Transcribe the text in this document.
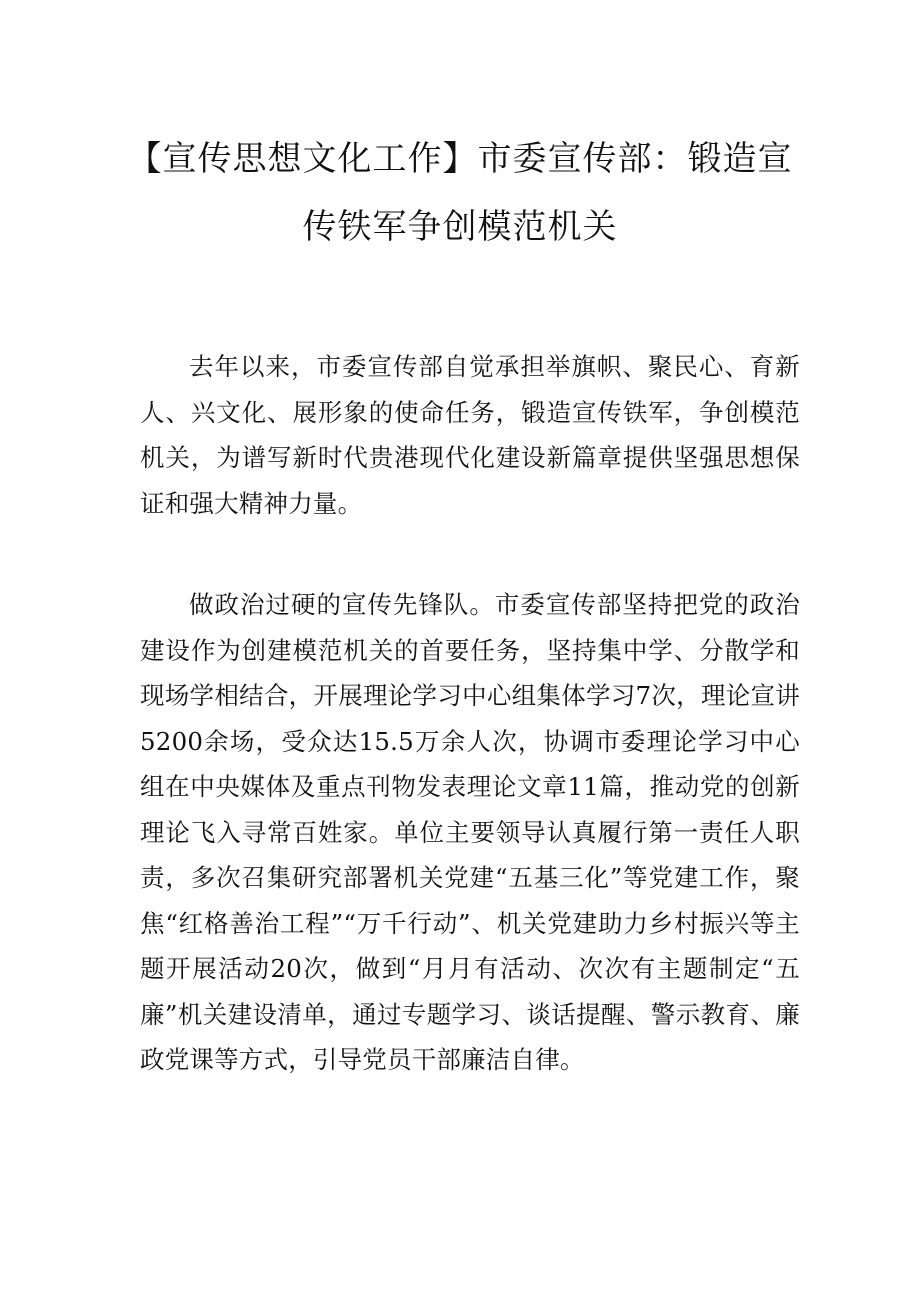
【宣传思想文化工作】市委宣传部：锻造宣
传铁军争创模范机关

去年以来，市委宣传部自觉承担举旗帜、聚民心、育新人、兴文化、展形象的使命任务，锻造宣传铁军，争创模范机关，为谱写新时代贵港现代化建设新篇章提供坚强思想保证和强大精神力量。

做政治过硬的宣传先锋队。市委宣传部坚持把党的政治建设作为创建模范机关的首要任务，坚持集中学、分散学和现场学相结合，开展理论学习中心组集体学习7次，理论宣讲5200余场，受众达15.5万余人次，协调市委理论学习中心组在中央媒体及重点刊物发表理论文章11篇，推动党的创新理论飞入寻常百姓家。单位主要领导认真履行第一责任人职责，多次召集研究部署机关党建“五基三化”等党建工作，聚焦“红格善治工程”“万千行动”、机关党建助力乡村振兴等主题开展活动20次，做到“月月有活动、次次有主题制定“五廉”机关建设清单，通过专题学习、谈话提醒、警示教育、廉政党课等方式，引导党员干部廉洁自律。
